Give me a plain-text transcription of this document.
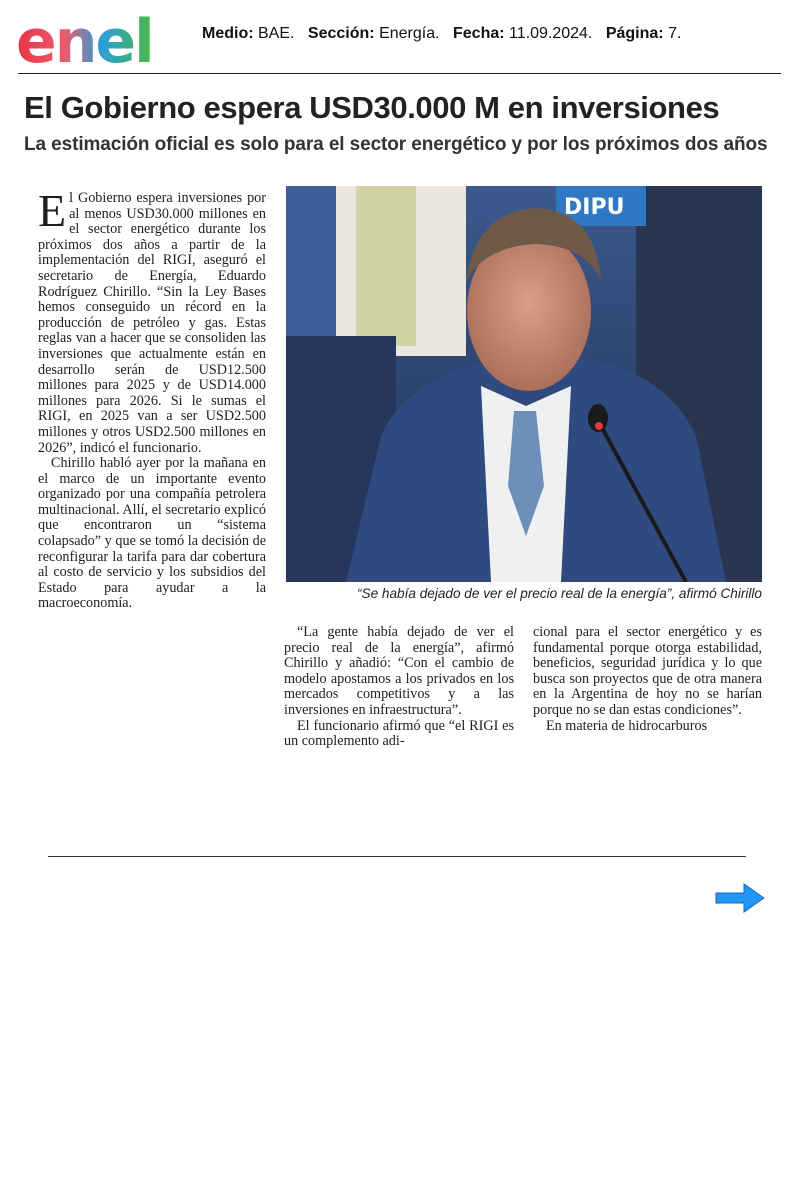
enel	Medio: BAE. Sección: Energía. Fecha: 11.09.2024. Página: 7.
El Gobierno espera USD30.000 M en inversiones
La estimación oficial es solo para el sector energético y por los próximos dos años

El Gobierno espera inversiones por al menos USD30.000 millones en el sector energético durante los próximos dos años a partir de la implementación del RIGI, aseguró el secretario de Energía, Eduardo Rodríguez Chirillo. “Sin la Ley Bases hemos conseguido un récord en la producción de petróleo y gas. Estas reglas van a hacer que se consoliden las inversiones que actualmente están en desarrollo serán de USD12.500 millones para 2025 y de USD14.000 millones para 2026. Si le sumas el RIGI, en 2025 van a ser USD2.500 millones y otros USD2.500 millones en 2026”, indicó el funcionario.

Chirillo habló ayer por la mañana en el marco de un importante evento organizado por una compañía petrolera multinacional. Allí, el secretario explicó que encontraron un “sistema colapsado” y que se tomó la decisión de reconfigurar la tarifa para dar cobertura al costo de servicio y los subsidios del Estado para ayudar a la macroeconomía.

DIPU
“Se había dejado de ver el precio real de la energía”, afirmó Chirillo

“La gente había dejado de ver el precio real de la energía”, afirmó Chirillo y añadió: “Con el cambio de modelo apostamos a los privados en los mercados competitivos y a las inversiones en infraestructura”.

El funcionario afirmó que “el RIGI es un complemento adi-

cional para el sector energético y es fundamental porque otorga estabilidad, beneficios, seguridad jurídica y lo que busca son proyectos que de otra manera en la Argentina de hoy no se harían porque no se dan estas condiciones”.

En materia de hidrocarburos
